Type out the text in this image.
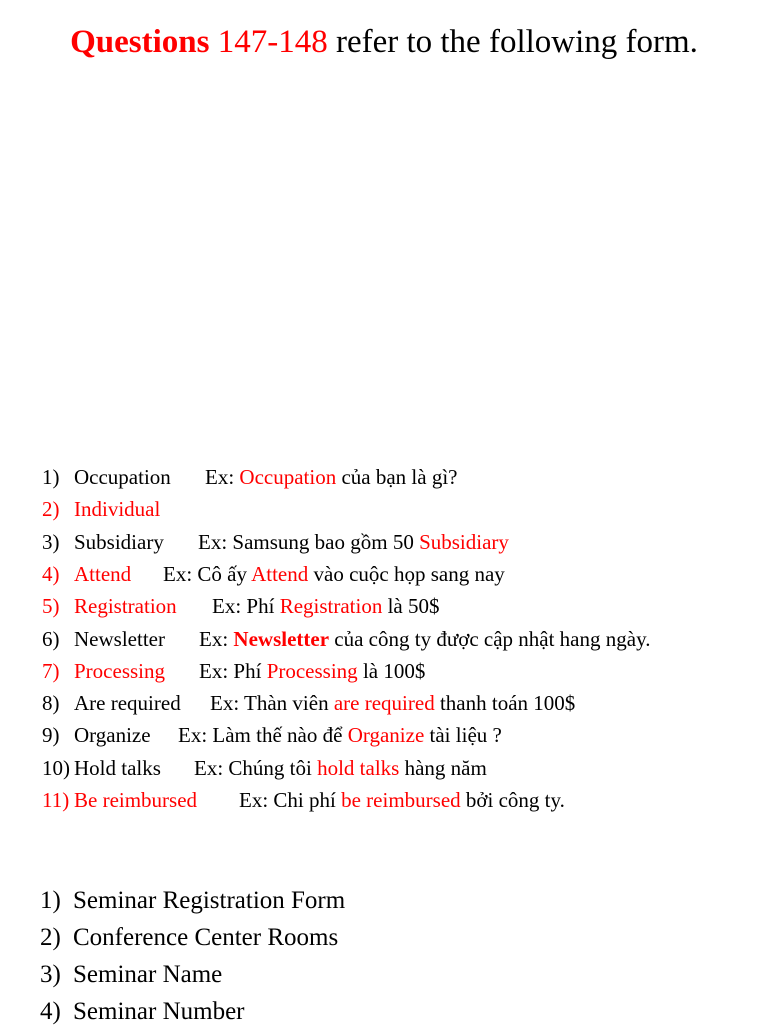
Questions 147-148 refer to the following form.
1) Occupation Ex: Occupation của bạn là gì?
2) Individual
3) Subsidiary Ex: Samsung bao gồm 50 Subsidiary
4) Attend Ex: Cô ấy Attend vào cuộc họp sang nay
5) Registration Ex: Phí Registration là 50$
6) Newsletter Ex: Newsletter của công ty được cập nhật hang ngày.
7) Processing Ex: Phí Processing là 100$
8) Are required Ex: Thàn viên are required thanh toán 100$
9) Organize Ex: Làm thế nào để Organize tài liệu ?
10) Hold talks Ex: Chúng tôi hold talks hàng năm
11) Be reimbursed Ex: Chi phí be reimbursed bởi công ty.
1) Seminar Registration Form
2) Conference Center Rooms
3) Seminar Name
4) Seminar Number
